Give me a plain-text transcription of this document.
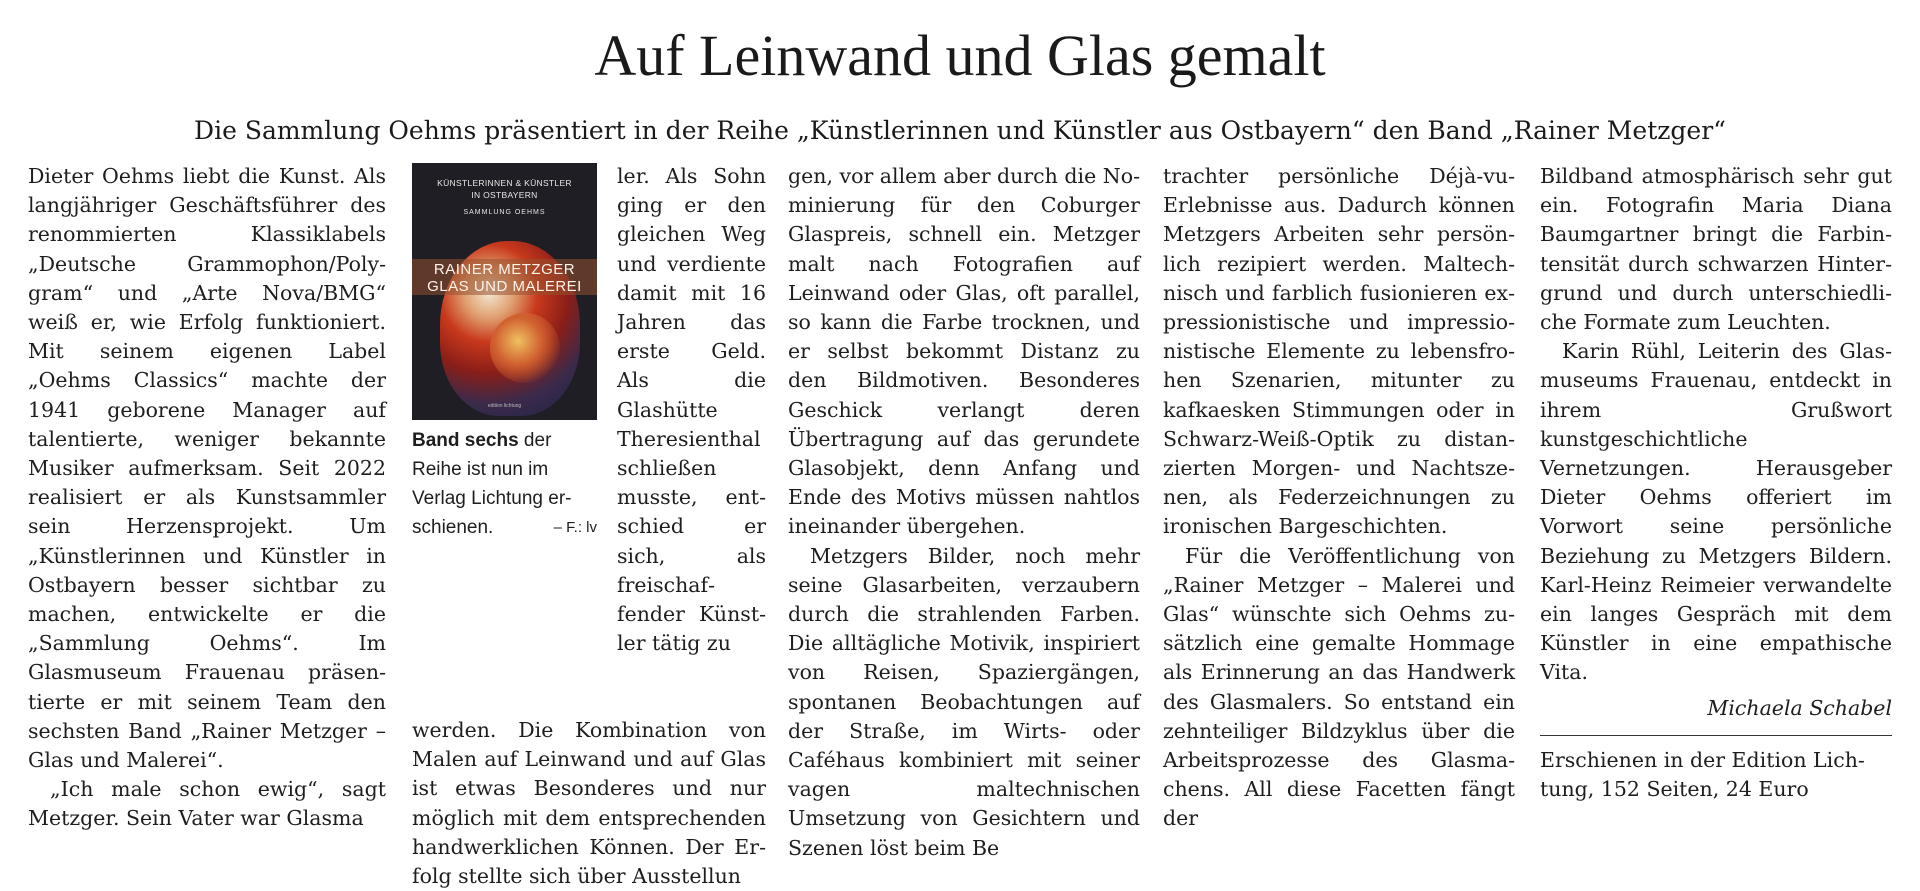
Auf Leinwand und Glas gemalt
Die Sammlung Oehms präsentiert in der Reihe „Künstlerinnen und Künstler aus Ostbayern“ den Band „Rainer Metzger“

Dieter Oehms liebt die Kunst. Als langjähriger Geschäftsführer des renommierten Klassiklabels „Deutsche Grammophon/Polygram“ und „Arte Nova/BMG“ weiß er, wie Erfolg funktioniert. Mit seinem eigenen Label „Oehms Classics“ machte der 1941 geborene Manager auf talentierte, weniger bekannte Musiker aufmerksam. Seit 2022 realisiert er als Kunstsammler sein Herzensprojekt. Um „Künstlerinnen und Künstler in Ostbayern besser sichtbar zu machen, entwickelte er die „Sammlung Oehms“. Im Glasmuseum Frauenau präsentierte er mit seinem Team den sechsten Band „Rainer Metzger – Glas und Malerei“.

„Ich male schon ewig“, sagt Metzger. Sein Vater war Glasma

KÜNSTLERINNEN & KÜNSTLER
IN OSTBAYERN
SAMMLUNG OEHMS
RAINER METZGER
GLAS UND MALEREI
edition lichtung
Band sechs der Reihe ist nun im Verlag Lichtung erschienen.	– F.: lv

ler. Als Sohn ging er den gleichen Weg und verdiente damit mit 16 Jahren das erste Geld. Als die Glashütte Theresienthal schließen musste, entschied er sich, als freischaffender Künstler tätig zu

werden. Die Kombination von Malen auf Leinwand und auf Glas ist etwas Besonderes und nur möglich mit dem entsprechenden handwerklichen Können. Der Erfolg stellte sich über Ausstellun

gen, vor allem aber durch die Nominierung für den Coburger Glaspreis, schnell ein. Metzger malt nach Fotografien auf Leinwand oder Glas, oft parallel, so kann die Farbe trocknen, und er selbst bekommt Distanz zu den Bildmotiven. Besonderes Geschick verlangt deren Übertragung auf das gerundete Glasobjekt, denn Anfang und Ende des Motivs müssen nahtlos ineinander übergehen.

Metzgers Bilder, noch mehr seine Glasarbeiten, verzaubern durch die strahlenden Farben. Die alltägliche Motivik, inspiriert von Reisen, Spaziergängen, spontanen Beobachtungen auf der Straße, im Wirts- oder Caféhaus kombiniert mit seiner vagen maltechnischen Umsetzung von Gesichtern und Szenen löst beim Be

trachter persönliche Déjà-vu-Erlebnisse aus. Dadurch können Metzgers Arbeiten sehr persönlich rezipiert werden. Maltechnisch und farblich fusionieren expressionistische und impressionistische Elemente zu lebensfrohen Szenarien, mitunter zu kafkaesken Stimmungen oder in Schwarz-Weiß-Optik zu distanzierten Morgen- und Nachtszenen, als Federzeichnungen zu ironischen Bargeschichten.

Für die Veröffentlichung von „Rainer Metzger – Malerei und Glas“ wünschte sich Oehms zusätzlich eine gemalte Hommage als Erinnerung an das Handwerk des Glasmalers. So entstand ein zehnteiliger Bildzyklus über die Arbeitsprozesse des Glasmachens. All diese Facetten fängt der

Bildband atmosphärisch sehr gut ein. Fotografin Maria Diana Baumgartner bringt die Farbintensität durch schwarzen Hintergrund und durch unterschiedliche Formate zum Leuchten.

Karin Rühl, Leiterin des Glasmuseums Frauenau, entdeckt in ihrem Grußwort kunstgeschichtliche Vernetzungen. Herausgeber Dieter Oehms offeriert im Vorwort seine persönliche Beziehung zu Metzgers Bildern. Karl-Heinz Reimeier verwandelte ein langes Gespräch mit dem Künstler in eine empathische Vita.

Michaela Schabel
Erschienen in der Edition Lichtung, 152 Seiten, 24 Euro
